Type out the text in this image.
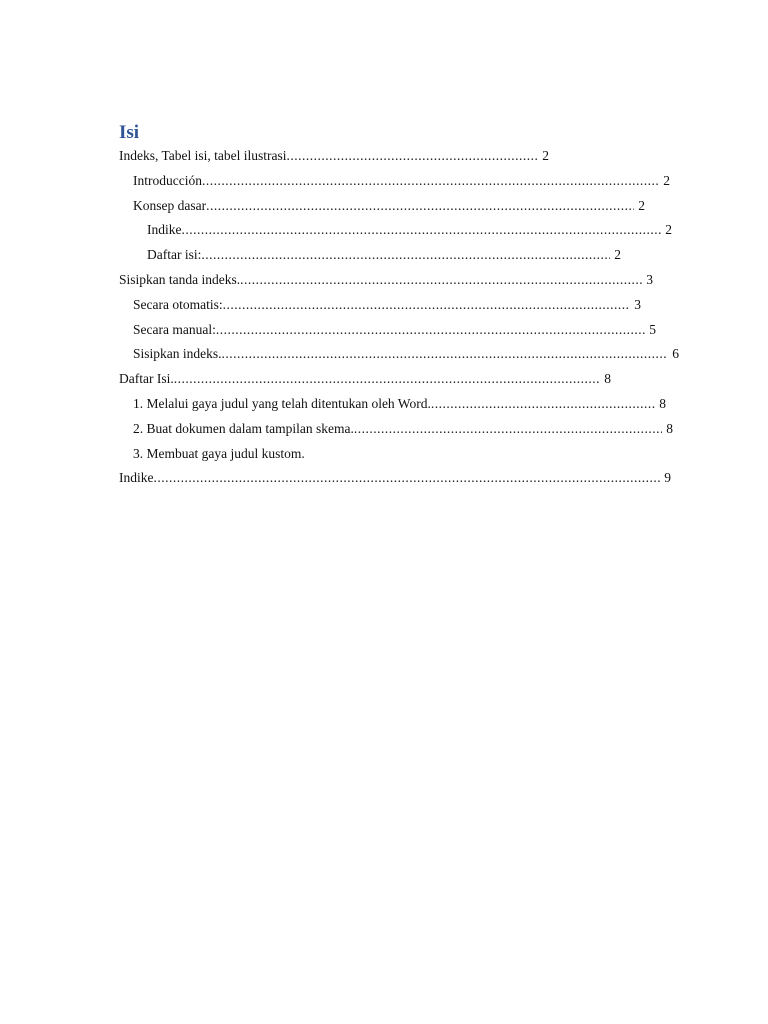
Isi
Indeks, Tabel isi, tabel ilustrasi .....	2
Introducción .....	2
Konsep dasar .....	2
Indike .....	2
Daftar isi: .....	2
Sisipkan tanda indeks. .....	3
Secara otomatis: .....	3
Secara manual: .....	5
Sisipkan indeks. .....	6
Daftar Isi. .....	8
1. Melalui gaya judul yang telah ditentukan oleh Word. .....	8
2. Buat dokumen dalam tampilan skema. .....	8
3. Membuat gaya judul kustom.
Indike .....	9
